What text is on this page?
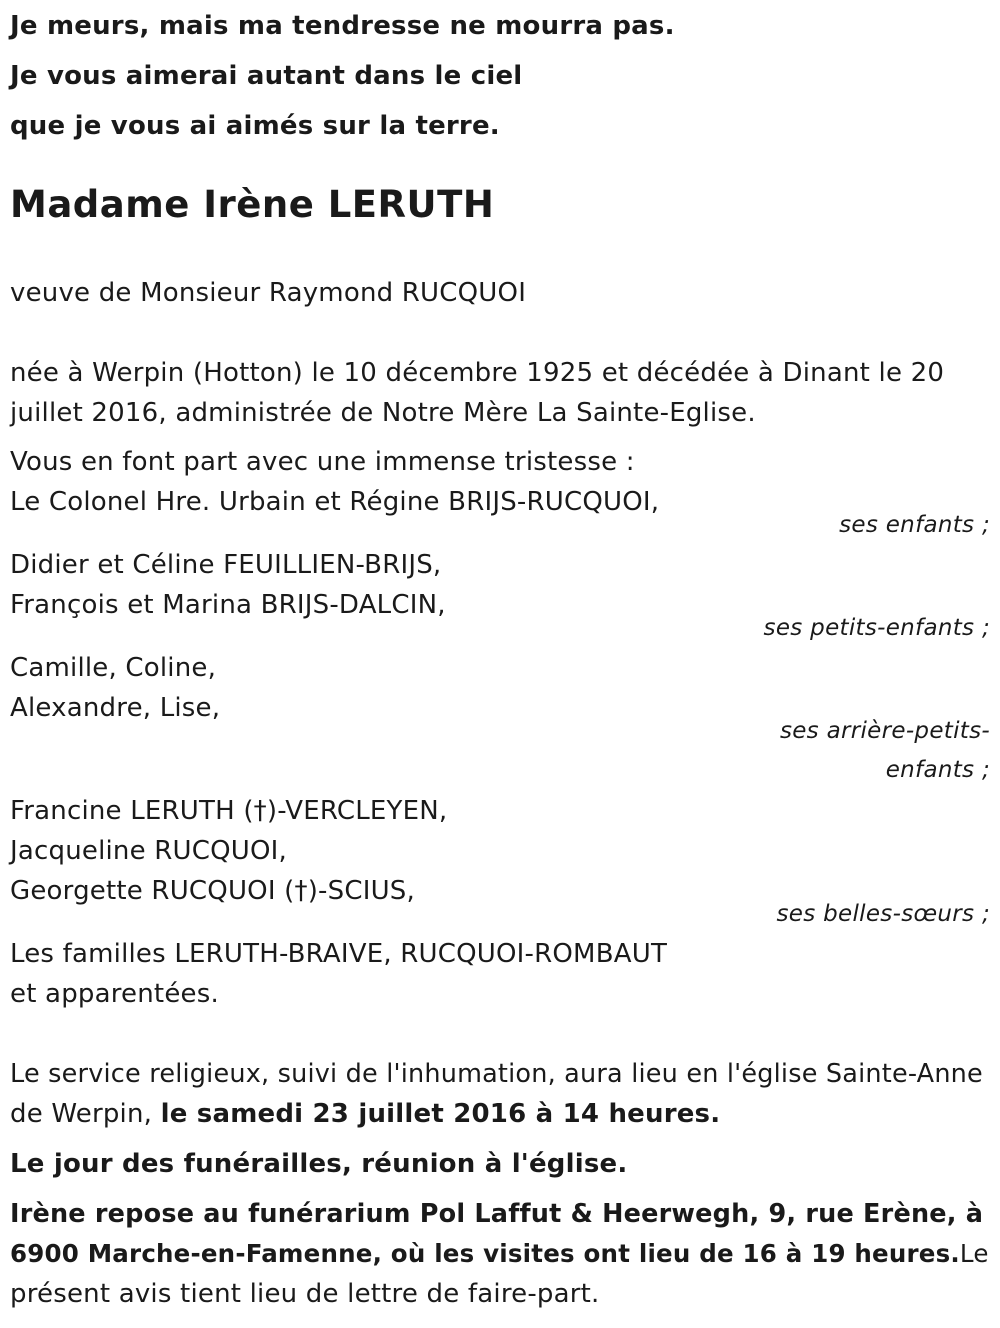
Je meurs, mais ma tendresse ne mourra pas.
Je vous aimerai autant dans le ciel
que je vous ai aimés sur la terre.
Madame Irène LERUTH
veuve de Monsieur Raymond RUCQUOI
née à Werpin (Hotton) le 10 décembre 1925 et décédée à Dinant le 20
juillet 2016, administrée de Notre Mère La Sainte-Eglise.
Vous en font part avec une immense tristesse :
Le Colonel Hre. Urbain et Régine BRIJS-RUCQUOI,
ses enfants ;
Didier et Céline FEUILLIEN-BRIJS,
François et Marina BRIJS-DALCIN,
ses petits-enfants ;
Camille, Coline,
Alexandre, Lise,
ses arrière-petits-
enfants ;
Francine LERUTH (†)-VERCLEYEN,
Jacqueline RUCQUOI,
Georgette RUCQUOI (†)-SCIUS,
ses belles-sœurs ;
Les familles LERUTH-BRAIVE, RUCQUOI-ROMBAUT
et apparentées.
Le service religieux, suivi de l'inhumation, aura lieu en l'église Sainte-Anne
de Werpin, le samedi 23 juillet 2016 à 14 heures.
Le jour des funérailles, réunion à l'église.
Irène repose au funérarium Pol Laffut & Heerwegh, 9, rue Erène, à
6900 Marche-en-Famenne, où les visites ont lieu de 16 à 19 heures.Le
présent avis tient lieu de lettre de faire-part.
